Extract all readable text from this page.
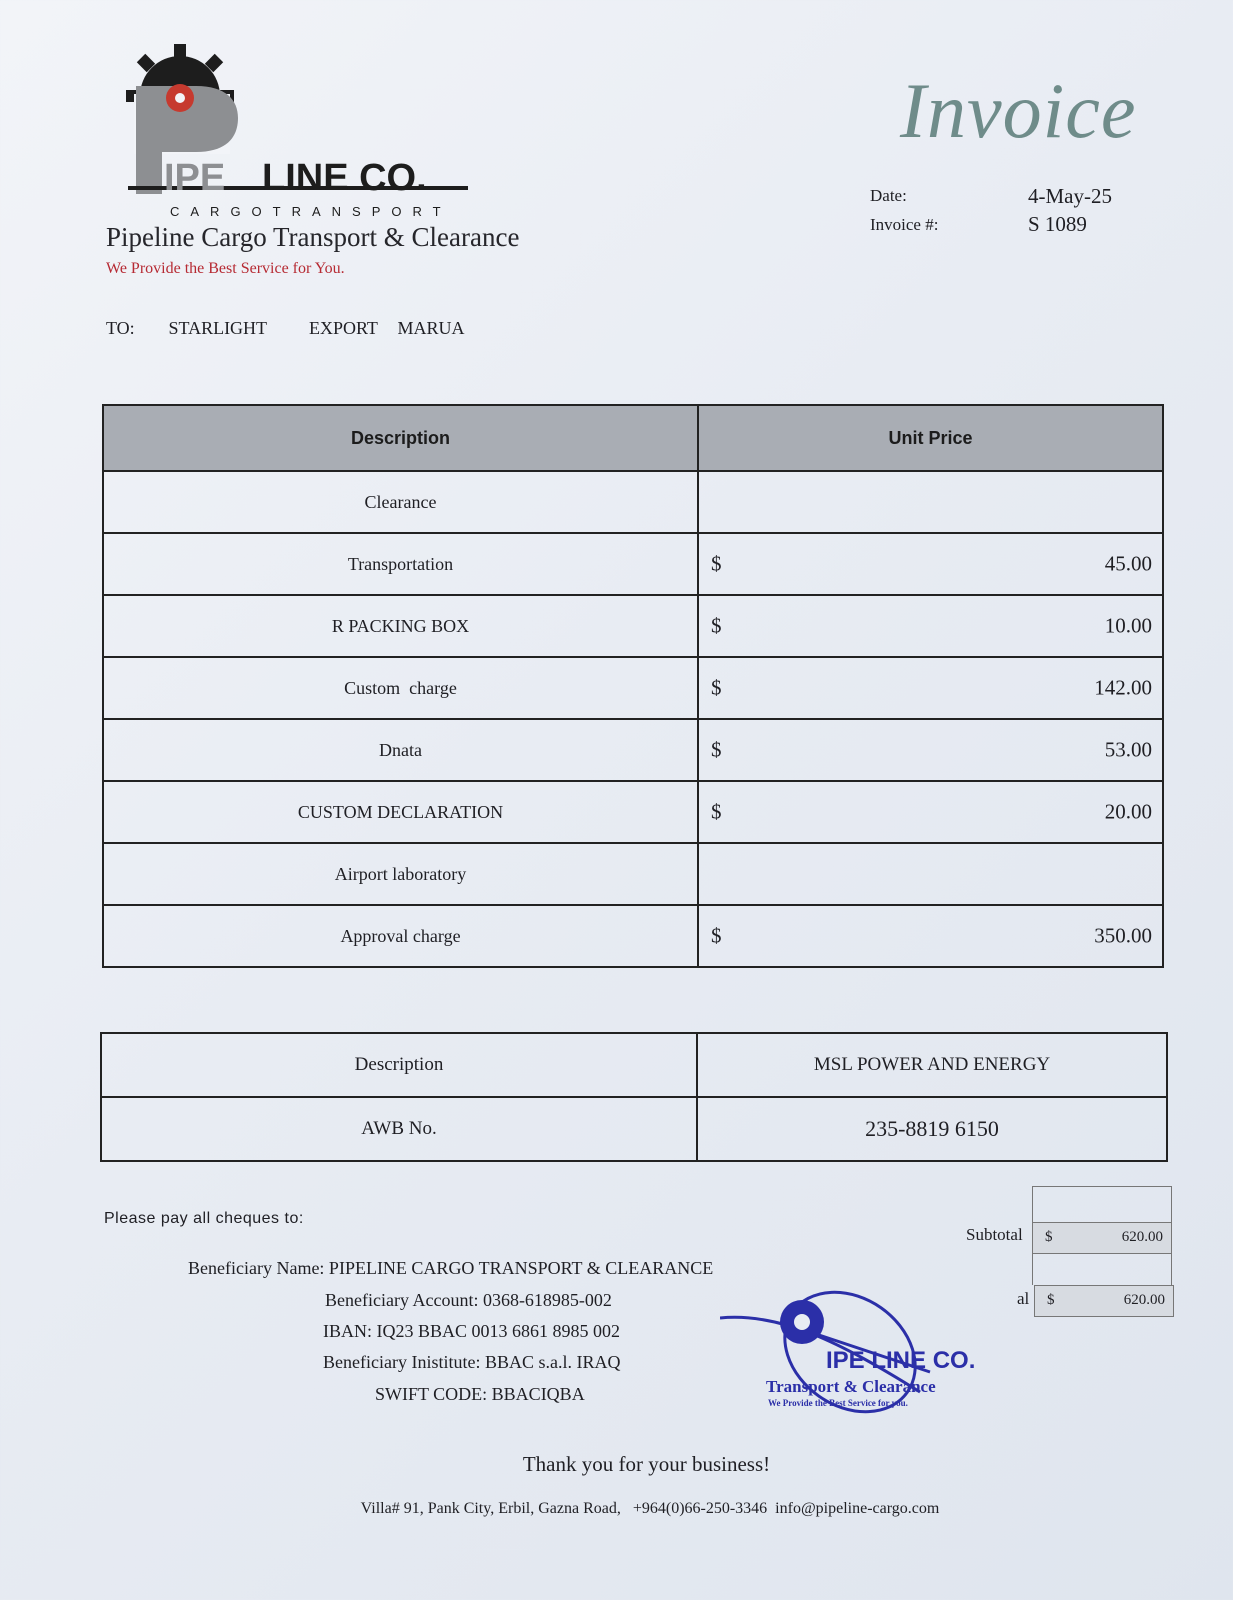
IPE LINE CO.
CARGOTRANSPORT
Pipeline Cargo Transport & Clearance
We Provide the Best Service for You.
Invoice
Date:	4-May-25
Invoice #:	S 1089
TO: STARLIGHT EXPORT MARUA
Description	Unit Price
Clearance	

Transportation	$ 45.00

R PACKING BOX	$ 10.00

Custom  charge	$ 142.00

Dnata	$ 53.00

CUSTOM DECLARATION	$ 20.00

Airport laboratory	

Approval charge	$ 350.00
Description	MSL POWER AND ENERGY
AWB No.	235-8819 6150
Please pay all cheques to:
Beneficiary Name: PIPELINE CARGO TRANSPORT & CLEARANCE
Beneficiary Account: 0368-618985-002
IBAN: IQ23 BBAC 0013 6861 8985 002
Beneficiary Inistitute: BBAC s.a.l. IRAQ
SWIFT CODE: BBACIQBA
Subtotal $	620.00
al $	620.00
IPE LINE CO.
Transport & Clearance
We Provide the Best Service for you.
Thank you for your business!
Villa# 91, Pank City, Erbil, Gazna Road,   +964(0)66-250-3346  info@pipeline-cargo.com
